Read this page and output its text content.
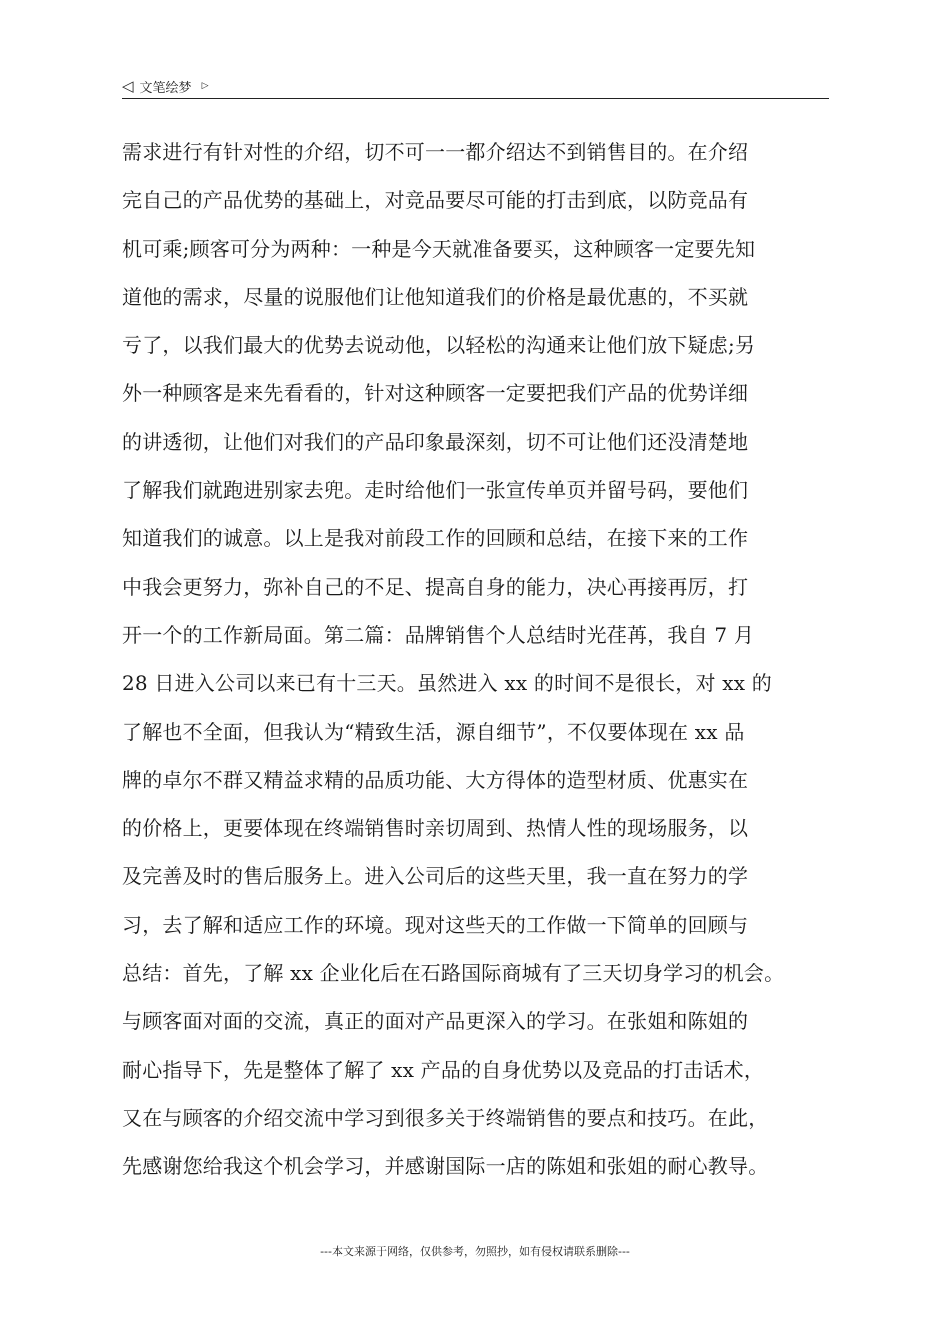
◁ 文笔绘梦 ▷
需求进行有针对性的介绍，切不可一一都介绍达不到销售目的。在介绍
完自己的产品优势的基础上，对竞品要尽可能的打击到底，以防竞品有
机可乘;顾客可分为两种：一种是今天就准备要买，这种顾客一定要先知
道他的需求，尽量的说服他们让他知道我们的价格是最优惠的，不买就
亏了，以我们最大的优势去说动他，以轻松的沟通来让他们放下疑虑;另
外一种顾客是来先看看的，针对这种顾客一定要把我们产品的优势详细
的讲透彻，让他们对我们的产品印象最深刻，切不可让他们还没清楚地
了解我们就跑进别家去兜。走时给他们一张宣传单页并留号码，要他们
知道我们的诚意。以上是我对前段工作的回顾和总结，在接下来的工作
中我会更努力，弥补自己的不足、提高自身的能力，决心再接再厉，打
开一个的工作新局面。第二篇：品牌销售个人总结时光荏苒，我自 7 月
28 日进入公司以来已有十三天。虽然进入 xx 的时间不是很长，对 xx 的
了解也不全面，但我认为“精致生活，源自细节”，不仅要体现在 xx 品
牌的卓尔不群又精益求精的品质功能、大方得体的造型材质、优惠实在
的价格上，更要体现在终端销售时亲切周到、热情人性的现场服务，以
及完善及时的售后服务上。进入公司后的这些天里，我一直在努力的学
习，去了解和适应工作的环境。现对这些天的工作做一下简单的回顾与
总结：首先，了解 xx 企业化后在石路国际商城有了三天切身学习的机会。
与顾客面对面的交流，真正的面对产品更深入的学习。在张姐和陈姐的
耐心指导下，先是整体了解了 xx 产品的自身优势以及竞品的打击话术，
又在与顾客的介绍交流中学习到很多关于终端销售的要点和技巧。在此，
先感谢您给我这个机会学习，并感谢国际一店的陈姐和张姐的耐心教导。
---本文来源于网络，仅供参考，勿照抄，如有侵权请联系删除---
